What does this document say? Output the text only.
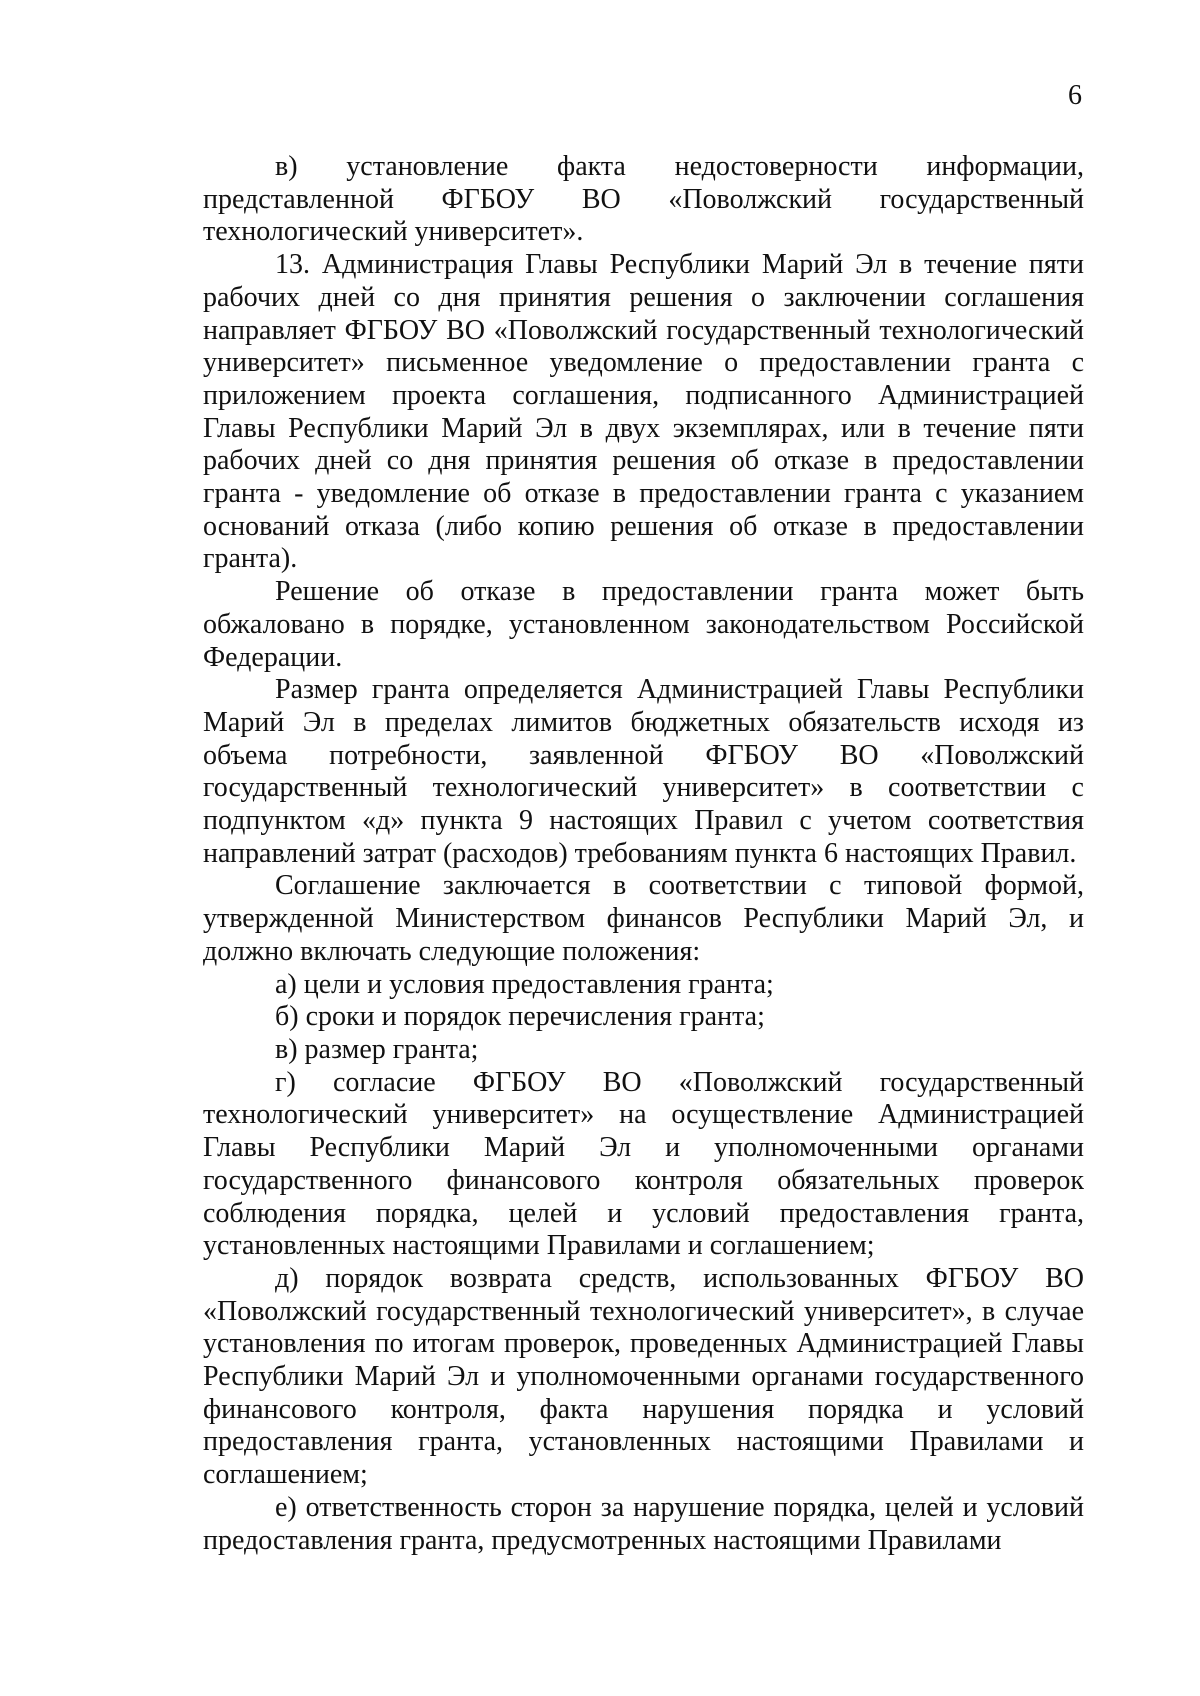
6

в) установление факта недостоверности информации, представленной ФГБОУ ВО «Поволжский государственный технологический университет».

13. Администрация Главы Республики Марий Эл в течение пяти рабочих дней со дня принятия решения о заключении соглашения направляет ФГБОУ ВО «Поволжский государственный технологический университет» письменное уведомление о предоставлении гранта с приложением проекта соглашения, подписанного Администрацией Главы Республики Марий Эл в двух экземплярах, или в течение пяти рабочих дней со дня принятия решения об отказе в предоставлении гранта - уведомление об отказе в предоставлении гранта с указанием оснований отказа (либо копию решения об отказе в предоставлении гранта).

Решение об отказе в предоставлении гранта может быть обжаловано в порядке, установленном законодательством Российской Федерации.

Размер гранта определяется Администрацией Главы Республики Марий Эл в пределах лимитов бюджетных обязательств исходя из объема потребности, заявленной ФГБОУ ВО «Поволжский государственный технологический университет» в соответствии с подпунктом «д» пункта 9 настоящих Правил с учетом соответствия направлений затрат (расходов) требованиям пункта 6 настоящих Правил.

Соглашение заключается в соответствии с типовой формой, утвержденной Министерством финансов Республики Марий Эл, и должно включать следующие положения:

а) цели и условия предоставления гранта;

б) сроки и порядок перечисления гранта;

в) размер гранта;

г) согласие ФГБОУ ВО «Поволжский государственный технологический университет» на осуществление Администрацией Главы Республики Марий Эл и уполномоченными органами государственного финансового контроля обязательных проверок соблюдения порядка, целей и условий предоставления гранта, установленных настоящими Правилами и соглашением;

д) порядок возврата средств, использованных ФГБОУ ВО «Поволжский государственный технологический университет», в случае установления по итогам проверок, проведенных Администрацией Главы Республики Марий Эл и уполномоченными органами государственного финансового контроля, факта нарушения порядка и условий предоставления гранта, установленных настоящими Правилами и соглашением;

е) ответственность сторон за нарушение порядка, целей и условий предоставления гранта, предусмотренных настоящими Правилами
